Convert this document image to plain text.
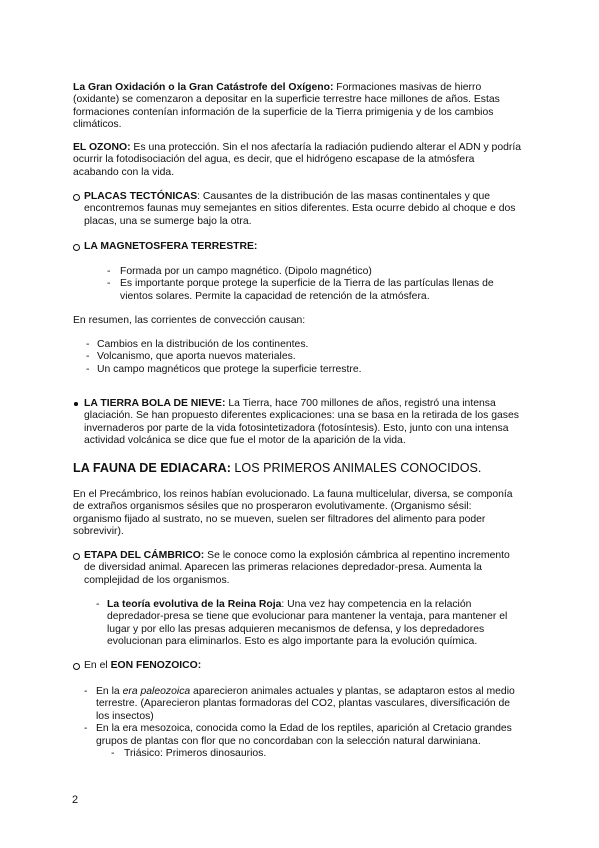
La Gran Oxidación o la Gran Catástrofe del Oxígeno: Formaciones masivas de hierro (oxidante) se comenzaron a depositar en la superficie terrestre hace millones de años. Estas formaciones contenían información de la superficie de la Tierra primigenia y de los cambios climáticos.

EL OZONO: Es una protección. Sin el nos afectaría la radiación pudiendo alterar el ADN y podría ocurrir la fotodisociación del agua, es decir, que el hidrógeno escapase de la atmósfera acabando con la vida.

PLACAS TECTÓNICAS: Causantes de la distribución de las masas continentales y que encontremos faunas muy semejantes en sitios diferentes. Esta ocurre debido al choque e dos placas, una se sumerge bajo la otra.

LA MAGNETOSFERA TERRESTRE:

- Formada por un campo magnético. (Dipolo magnético)
- Es importante porque protege la superficie de la Tierra de las partículas llenas de vientos solares. Permite la capacidad de retención de la atmósfera.

En resumen, las corrientes de convección causan:

- Cambios en la distribución de los continentes.
- Volcanismo, que aporta nuevos materiales.
- Un campo magnéticos que protege la superficie terrestre.

LA TIERRA BOLA DE NIEVE: La Tierra, hace 700 millones de años, registró una intensa glaciación. Se han propuesto diferentes explicaciones: una se basa en la retirada de los gases invernaderos por parte de la vida fotosintetizadora (fotosíntesis). Esto, junto con una intensa actividad volcánica se dice que fue el motor de la aparición de la vida.

LA FAUNA DE EDIACARA: LOS PRIMEROS ANIMALES CONOCIDOS.

En el Precámbrico, los reinos habían evolucionado. La fauna multicelular, diversa, se componía de extraños organismos sésiles que no prosperaron evolutivamente. (Organismo sésil: organismo fijado al sustrato, no se mueven, suelen ser filtradores del alimento para poder sobrevivir).

ETAPA DEL CÁMBRICO: Se le conoce como la explosión cámbrica al repentino incremento de diversidad animal. Aparecen las primeras relaciones depredador-presa. Aumenta la complejidad de los organismos.

- La teoría evolutiva de la Reina Roja: Una vez hay competencia en la relación depredador-presa se tiene que evolucionar para mantener la ventaja, para mantener el lugar y por ello las presas adquieren mecanismos de defensa, y los depredadores evolucionan para eliminarlos. Esto es algo importante para la evolución química.

En el EON FENOZOICO:

- En la era paleozoica aparecieron animales actuales y plantas, se adaptaron estos al medio terrestre. (Aparecieron plantas formadoras del CO2, plantas vasculares, diversificación de los insectos)
- En la era mesozoica, conocida como la Edad de los reptiles, aparición al Cretacio grandes grupos de plantas con flor que no concordaban con la selección natural darwiniana.
- Triásico: Primeros dinosaurios.
2
